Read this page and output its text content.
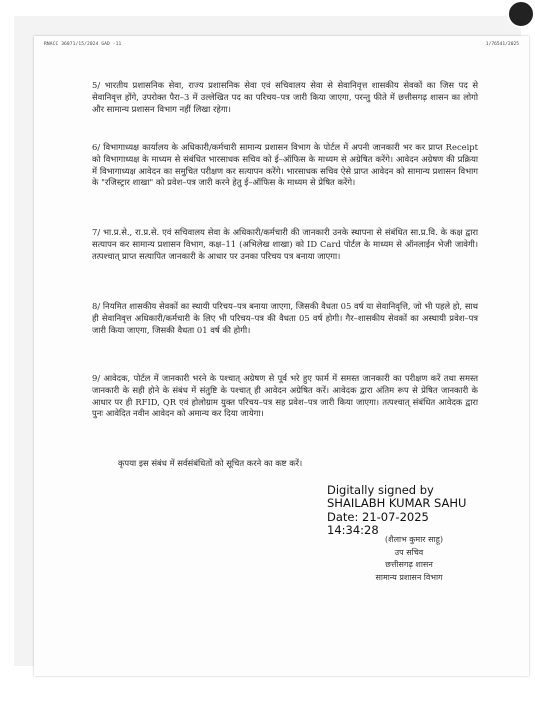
RNACC 36071/15/2024 GAD -11	1/76541/2025

5/ भारतीय प्रशासनिक सेवा, राज्य प्रशासनिक सेवा एवं सचिवालय सेवा से सेवानिवृत्त शासकीय सेवकों का जिस पद से सेवानिवृत्त होंगे, उपरोक्त पैरा–3 में उल्लेखित पद का परिचय–पत्र जारी किया जाएगा, परन्तु फीते में छत्तीसगढ़ शासन का लोगो और सामान्य प्रशासन विभाग नहीं लिखा रहेगा।

6/ विभागाध्यक्ष कार्यालय के अधिकारी/कर्मचारी सामान्य प्रशासन विभाग के पोर्टल में अपनी जानकारी भर कर प्राप्त Receipt को विभागाध्यक्ष के माध्यम से संबंधित भारसाधक सचिव को ई–ऑफिस के माध्यम से अग्रेषित करेंगे। आवेदन अग्रेषण की प्रक्रिया में विभागाध्यक्ष आवेदन का समुचित परीक्षण कर सत्यापन करेंगे। भारसाधक सचिव ऐसे प्राप्त आवेदन को सामान्य प्रशासन विभाग के "रजिस्ट्रार शाखा" को प्रवेश–पत्र जारी करने हेतु ई–ऑफिस के माध्यम से प्रेषित करेंगे।

7/ भा.प्र.से., रा.प्र.से. एवं सचिवालय सेवा के अधिकारी/कर्मचारी की जानकारी उनके स्थापना से संबंधित सा.प्र.वि. के कक्ष द्वारा सत्यापन कर सामान्य प्रशासन विभाग, कक्ष–11 (अभिलेख शाखा) को ID Card पोर्टल के माध्यम से ऑनलाईन भेजी जावेगी। तत्पश्चात् प्राप्त सत्यापित जानकारी के आधार पर उनका परिचय पत्र बनाया जाएगा।

8/ नियमित शासकीय सेवकों का स्थायी परिचय–पत्र बनाया जाएगा, जिसकी वैधता 05 वर्ष या सेवानिवृत्ति, जो भी पहले हो, साथ ही सेवानिवृत्त अधिकारी/कर्मचारी के लिए भी परिचय–पत्र की वैधता 05 वर्ष होगी। गैर–शासकीय सेवकों का अस्थायी प्रवेश–पत्र जारी किया जाएगा, जिसकी वैधता 01 वर्ष की होगी।

9/ आवेदक, पोर्टल में जानकारी भरने के पश्चात् अग्रेषण से पूर्व भरे हुए फार्म में समस्त जानकारी का परीक्षण करें तथा समस्त जानकारी के सही होने के संबंध में संतुष्टि के पश्चात् ही आवेदन अग्रेषित करें। आवेदक द्वारा अंतिम रूप से प्रेषित जानकारी के आधार पर ही RFID, QR एवं होलोग्राम युक्त परिचय–पत्र सह प्रवेश–पत्र जारी किया जाएगा। तत्पश्चात् संबंधित आवेदक द्वारा पुनः आवेदित नवीन आवेदन को अमान्य कर दिया जायेगा।

कृपया इस संबंध में सर्वसंबंधितों को सूचित करने का कष्ट करें।

Digitally signed by
SHAILABH KUMAR SAHU
Date: 21-07-2025
14:34:28
(शैलाभ कुमार साहू)
उप सचिव
छत्तीसगढ़ शासन
सामान्य प्रशासन विभाग
